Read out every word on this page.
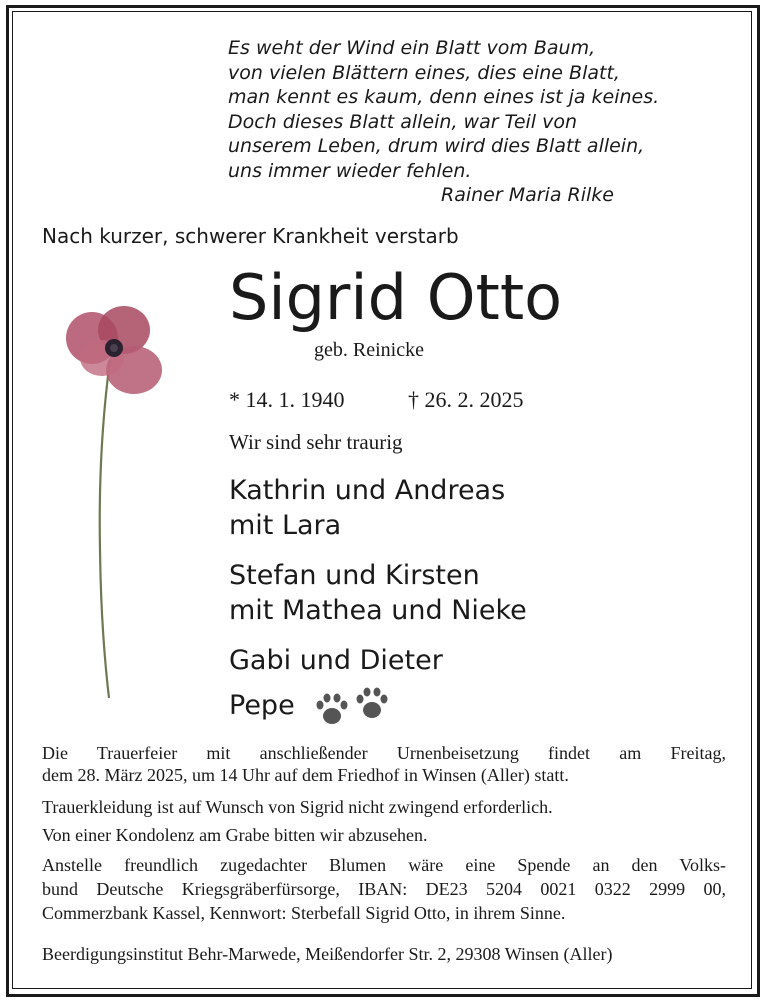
Es weht der Wind ein Blatt vom Baum,
von vielen Blättern eines, dies eine Blatt,
man kennt es kaum, denn eines ist ja keines.
Doch dieses Blatt allein, war Teil von
unserem Leben, drum wird dies Blatt allein,
uns immer wieder fehlen.
Rainer Maria Rilke
Nach kurzer, schwerer Krankheit verstarb
Sigrid Otto
geb. Reinicke
* 14. 1. 1940	† 26. 2. 2025
Wir sind sehr traurig
Kathrin und Andreas
mit Lara
Stefan und Kirsten
mit Mathea und Nieke
Gabi und Dieter
Pepe
Die Trauerfeier mit anschließender Urnenbeisetzung findet am Freitag,
dem 28. März 2025, um 14 Uhr auf dem Friedhof in Winsen (Aller) statt.
Trauerkleidung ist auf Wunsch von Sigrid nicht zwingend erforderlich.
Von einer Kondolenz am Grabe bitten wir abzusehen.
Anstelle freundlich zugedachter Blumen wäre eine Spende an den Volks-
bund Deutsche Kriegsgräberfürsorge, IBAN: DE23 5204 0021 0322 2999 00,
Commerzbank Kassel, Kennwort: Sterbefall Sigrid Otto, in ihrem Sinne.
Beerdigungsinstitut Behr-Marwede, Meißendorfer Str. 2, 29308 Winsen (Aller)
